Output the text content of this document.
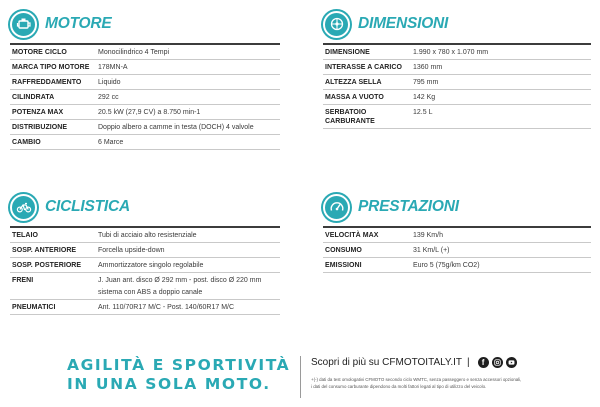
MOTORE
MOTORE CICLO	Monocilindrico 4 Tempi
MARCA TIPO MOTORE	178MN-A
RAFFREDDAMENTO	Liquido
CILINDRATA	292 cc
POTENZA MAX	20.5 kW (27,9 CV) a 8.750 min-1
DISTRIBUZIONE	Doppio albero a camme in testa (DOCH) 4 valvole
CAMBIO	6 Marce
DIMENSIONI
DIMENSIONE	1.990 x 780 x 1.070 mm
INTERASSE A CARICO	1360 mm
ALTEZZA SELLA	795 mm
MASSA A VUOTO	142 Kg
SERBATOIO CARBURANTE	12.5 L
CICLISTICA
TELAIO	Tubi di acciaio alto resistenziale
SOSP. ANTERIORE	Forcella upside-down
SOSP. POSTERIORE	Ammortizzatore singolo regolabile
FRENI	J. Juan ant. disco Ø 292 mm - post. disco Ø 220 mm
sistema con ABS a doppio canale

PNEUMATICI	Ant. 110/70R17 M/C - Post. 140/60R17 M/C
PRESTAZIONI
VELOCITÀ MAX	139 Km/h
CONSUMO	31 Km/L (+)
EMISSIONI	Euro 5 (75g/km CO2)
AGILITÀ E SPORTIVITÀ
IN UNA SOLA MOTO.
Scopri di più su
CFMOTOITALY.IT |	f
+(-) dati da test omologativi CFMOTO secondo ciclo WMTC, senza passeggero e senza accessori opzionali,
i dati del consumo carburante dipendono da molti fattori legati al tipo di utilizzo del veicolo.
